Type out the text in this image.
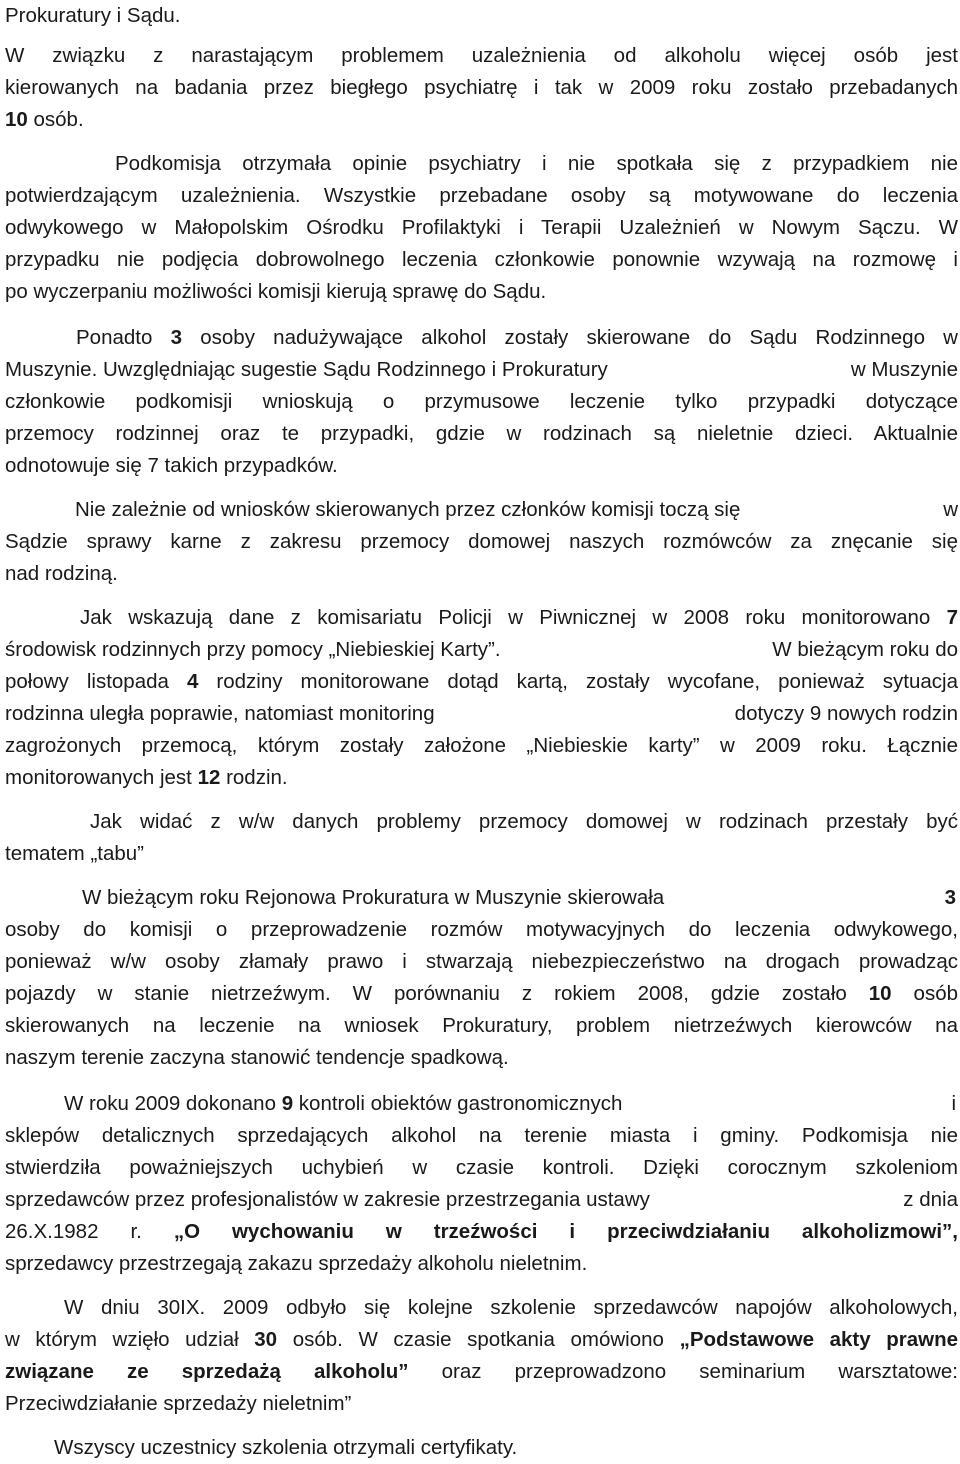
Prokuratury i Sądu.
W związku z narastającym problemem uzależnienia od alkoholu więcej osób jest
kierowanych na badania przez biegłego psychiatrę i tak w 2009 roku zostało przebadanych
10 osób.
Podkomisja otrzymała opinie psychiatry i nie spotkała się z przypadkiem nie
potwierdzającym uzależnienia. Wszystkie przebadane osoby są motywowane do leczenia
odwykowego w Małopolskim Ośrodku Profilaktyki i Terapii Uzależnień w Nowym Sączu. W
przypadku nie podjęcia dobrowolnego leczenia członkowie ponownie wzywają na rozmowę i
po wyczerpaniu możliwości komisji kierują sprawę do Sądu.
Ponadto 3 osoby nadużywające alkohol zostały skierowane do Sądu Rodzinnego w
Muszynie. Uwzględniając sugestie Sądu Rodzinnego i Prokuratury	w Muszynie
członkowie podkomisji wnioskują o przymusowe leczenie tylko przypadki dotyczące
przemocy rodzinnej oraz te przypadki, gdzie w rodzinach są nieletnie dzieci. Aktualnie
odnotowuje się 7 takich przypadków.
Nie zależnie od wniosków skierowanych przez członków komisji toczą się	w
Sądzie sprawy karne z zakresu przemocy domowej naszych rozmówców za znęcanie się
nad rodziną.
Jak wskazują dane z komisariatu Policji w Piwnicznej w 2008 roku monitorowano 7
środowisk rodzinnych przy pomocy „Niebieskiej Karty”.	W bieżącym roku do
połowy listopada 4 rodziny monitorowane dotąd kartą, zostały wycofane, ponieważ sytuacja
rodzinna uległa poprawie, natomiast monitoring	dotyczy 9 nowych rodzin
zagrożonych przemocą, którym zostały założone „Niebieskie karty” w 2009 roku. Łącznie
monitorowanych jest 12 rodzin.
Jak widać z w/w danych problemy przemocy domowej w rodzinach przestały być
tematem „tabu”
W bieżącym roku Rejonowa Prokuratura w Muszynie skierowała	3
osoby do komisji o przeprowadzenie rozmów motywacyjnych do leczenia odwykowego,
ponieważ w/w osoby złamały prawo i stwarzają niebezpieczeństwo na drogach prowadząc
pojazdy w stanie nietrzeźwym. W porównaniu z rokiem 2008, gdzie zostało 10 osób
skierowanych na leczenie na wniosek Prokuratury, problem nietrzeźwych kierowców na
naszym terenie zaczyna stanowić tendencje spadkową.
W roku 2009 dokonano 9 kontroli obiektów gastronomicznych	i
sklepów detalicznych sprzedających alkohol na terenie miasta i gminy. Podkomisja nie
stwierdziła poważniejszych uchybień w czasie kontroli. Dzięki corocznym szkoleniom
sprzedawców przez profesjonalistów w zakresie przestrzegania ustawy	z dnia
26.X.1982 r. „O wychowaniu w trzeźwości i przeciwdziałaniu alkoholizmowi”,
sprzedawcy przestrzegają zakazu sprzedaży alkoholu nieletnim.
W dniu 30IX. 2009 odbyło się kolejne szkolenie sprzedawców napojów alkoholowych,
w którym wzięło udział 30 osób. W czasie spotkania omówiono „Podstawowe akty prawne
związane ze sprzedażą alkoholu” oraz przeprowadzono seminarium warsztatowe:
Przeciwdziałanie sprzedaży nieletnim”
Wszyscy uczestnicy szkolenia otrzymali certyfikaty.
